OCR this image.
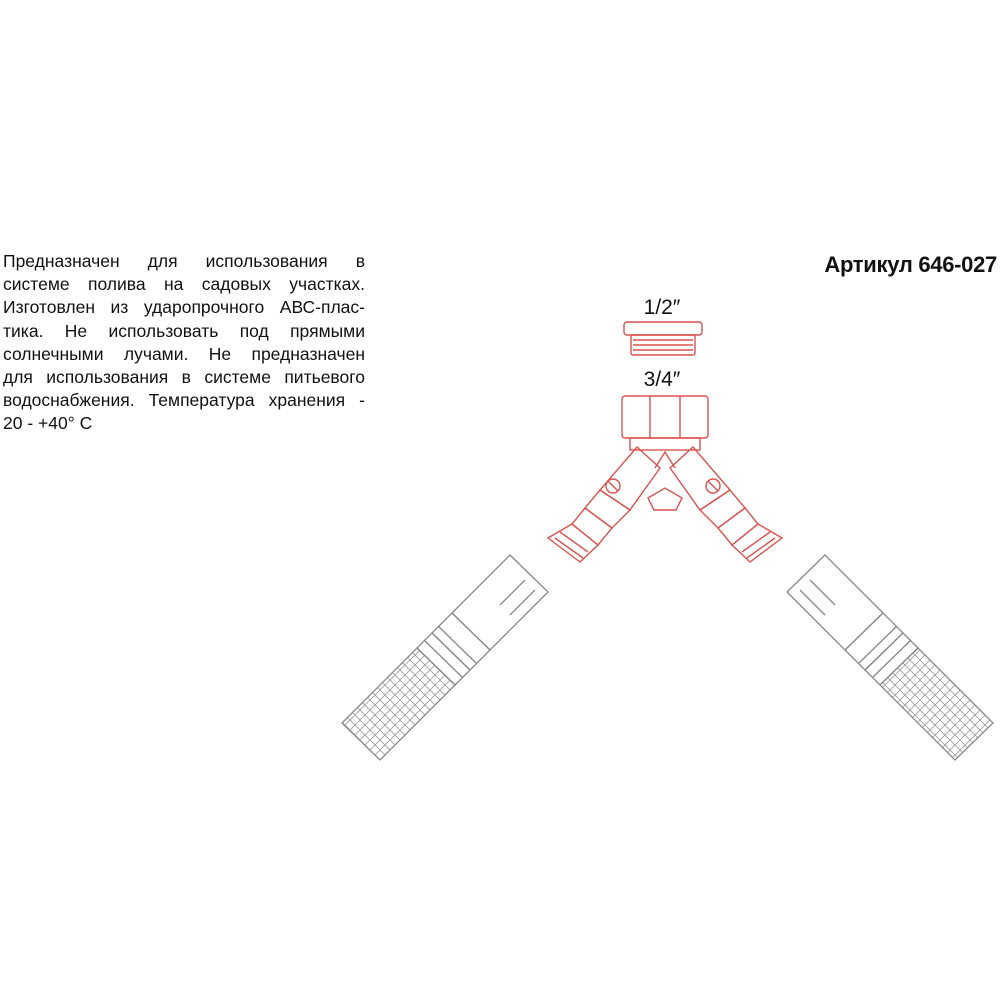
Предназначен для использования в
системе полива на садовых участках.
Изготовлен из ударопрочного АВС-плас-
тика. Не использовать под прямыми
солнечными лучами. Не предназначен
для использования в системе питьевого
водоснабжения. Температура хранения -
20 - +40° С
Артикул 646-027
1/2″
3/4″
